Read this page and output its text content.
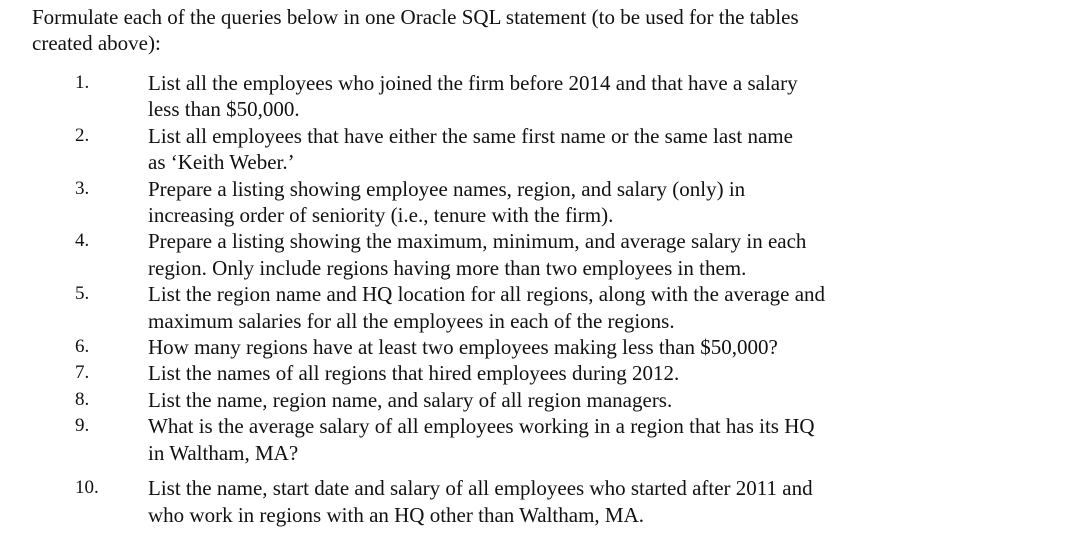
Formulate each of the queries below in one Oracle SQL statement (to be used for the tables
created above):
1.	List all the employees who joined the firm before 2014 and that have a salary
less than $50,000.
2.	List all employees that have either the same first name or the same last name
as ‘Keith Weber.’
3.	Prepare a listing showing employee names, region, and salary (only) in
increasing order of seniority (i.e., tenure with the firm).
4.	Prepare a listing showing the maximum, minimum, and average salary in each
region. Only include regions having more than two employees in them.
5.	List the region name and HQ location for all regions, along with the average and
maximum salaries for all the employees in each of the regions.
6.	How many regions have at least two employees making less than $50,000?
7.	List the names of all regions that hired employees during 2012.
8.	List the name, region name, and salary of all region managers.
9.	What is the average salary of all employees working in a region that has its HQ
in Waltham, MA?
10.	List the name, start date and salary of all employees who started after 2011 and
who work in regions with an HQ other than Waltham, MA.
